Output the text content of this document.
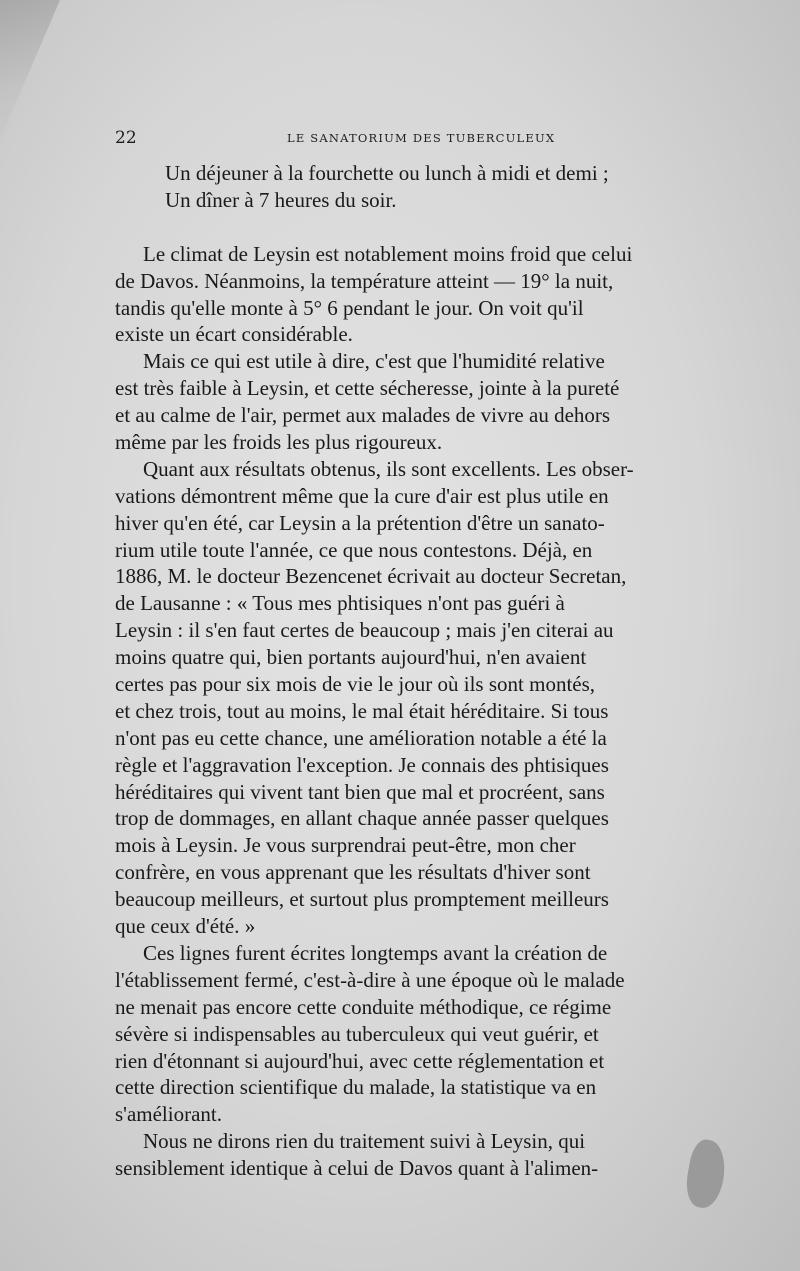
22	LE SANATORIUM DES TUBERCULEUX
Un déjeuner à la fourchette ou lunch à midi et demi ;
Un dîner à 7 heures du soir.
Le climat de Leysin est notablement moins froid que celui
de Davos. Néanmoins, la température atteint — 19° la nuit,
tandis qu'elle monte à 5° 6 pendant le jour. On voit qu'il
existe un écart considérable.
Mais ce qui est utile à dire, c'est que l'humidité relative
est très faible à Leysin, et cette sécheresse, jointe à la pureté
et au calme de l'air, permet aux malades de vivre au dehors
même par les froids les plus rigoureux.
Quant aux résultats obtenus, ils sont excellents. Les obser-
vations démontrent même que la cure d'air est plus utile en
hiver qu'en été, car Leysin a la prétention d'être un sanato-
rium utile toute l'année, ce que nous contestons. Déjà, en
1886, M. le docteur Bezencenet écrivait au docteur Secretan,
de Lausanne : « Tous mes phtisiques n'ont pas guéri à
Leysin : il s'en faut certes de beaucoup ; mais j'en citerai au
moins quatre qui, bien portants aujourd'hui, n'en avaient
certes pas pour six mois de vie le jour où ils sont montés,
et chez trois, tout au moins, le mal était héréditaire. Si tous
n'ont pas eu cette chance, une amélioration notable a été la
règle et l'aggravation l'exception. Je connais des phtisiques
héréditaires qui vivent tant bien que mal et procréent, sans
trop de dommages, en allant chaque année passer quelques
mois à Leysin. Je vous surprendrai peut-être, mon cher
confrère, en vous apprenant que les résultats d'hiver sont
beaucoup meilleurs, et surtout plus promptement meilleurs
que ceux d'été. »
Ces lignes furent écrites longtemps avant la création de
l'établissement fermé, c'est-à-dire à une époque où le malade
ne menait pas encore cette conduite méthodique, ce régime
sévère si indispensables au tuberculeux qui veut guérir, et
rien d'étonnant si aujourd'hui, avec cette réglementation et
cette direction scientifique du malade, la statistique va en
s'améliorant.
Nous ne dirons rien du traitement suivi à Leysin, qui
sensiblement identique à celui de Davos quant à l'alimen-
